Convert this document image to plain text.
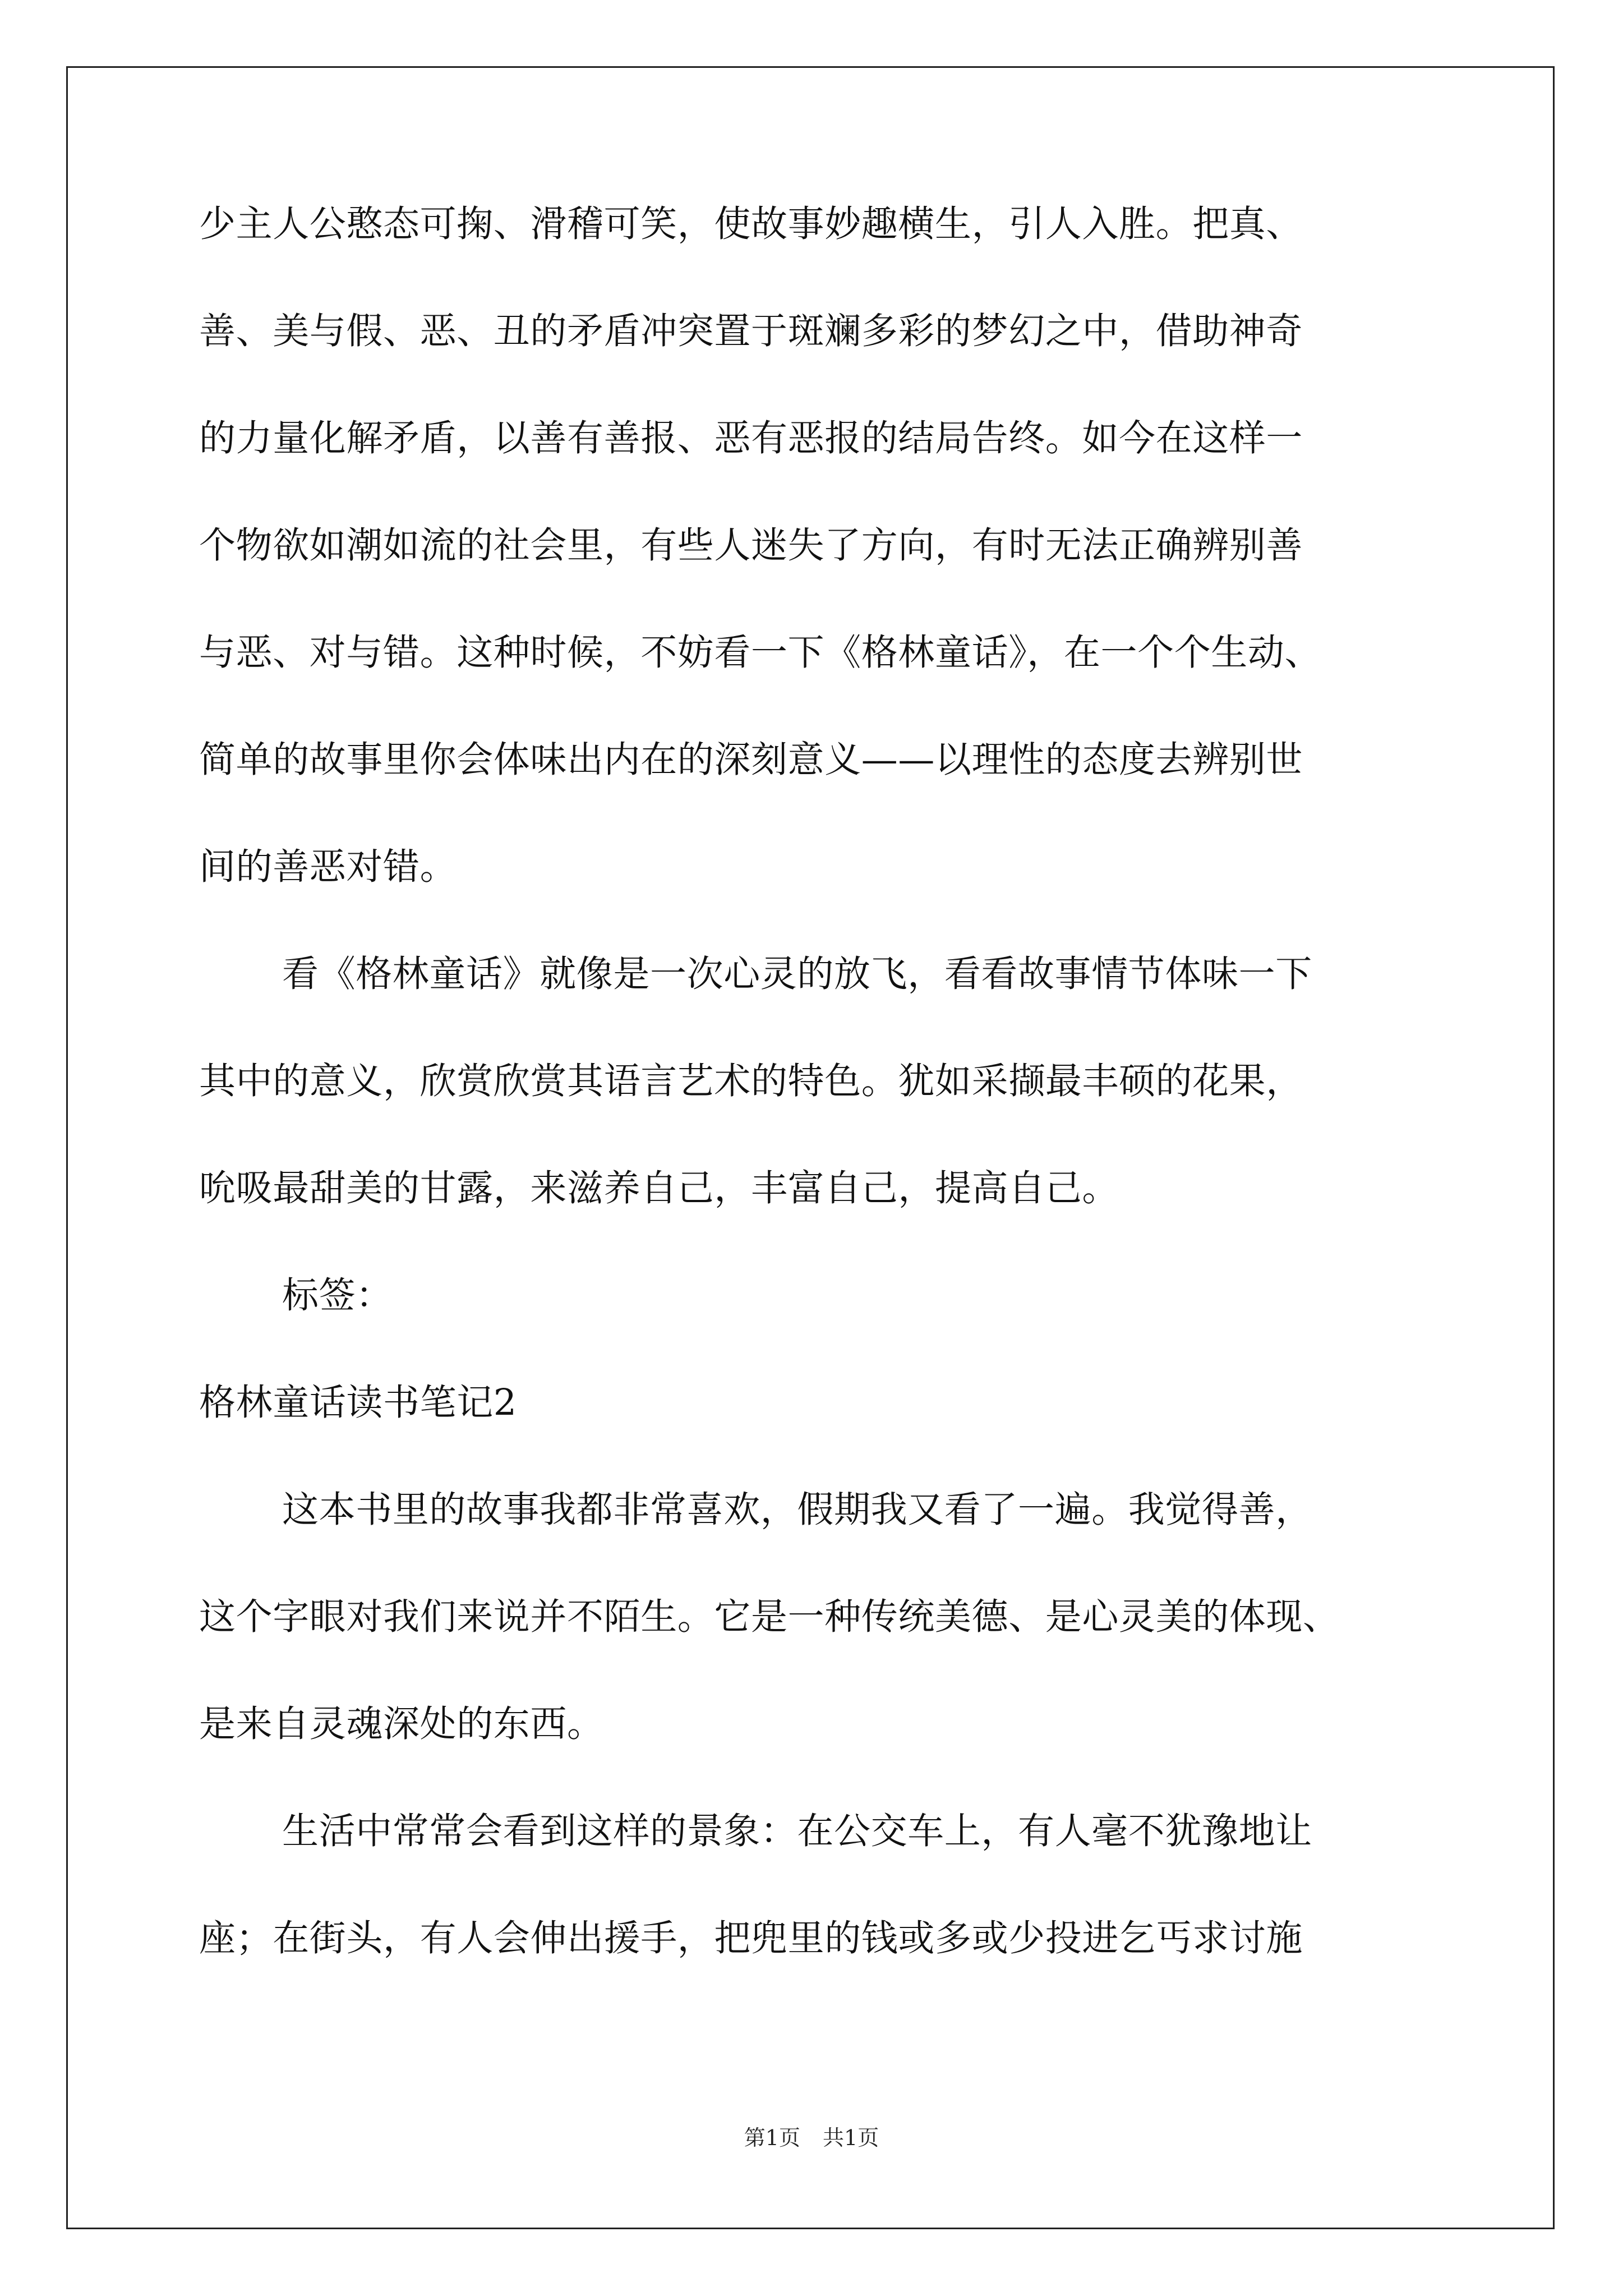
少主人公憨态可掬、滑稽可笑，使故事妙趣横生，引人入胜。把真、
善、美与假、恶、丑的矛盾冲突置于斑斓多彩的梦幻之中，借助神奇
的力量化解矛盾，以善有善报、恶有恶报的结局告终。如今在这样一
个物欲如潮如流的社会里，有些人迷失了方向，有时无法正确辨别善
与恶、对与错。这种时候，不妨看一下《格林童话》，在一个个生动、
简单的故事里你会体味出内在的深刻意义——以理性的态度去辨别世
间的善恶对错。
看《格林童话》就像是一次心灵的放飞，看看故事情节体味一下
其中的意义，欣赏欣赏其语言艺术的特色。犹如采撷最丰硕的花果，
吮吸最甜美的甘露，来滋养自己，丰富自己，提高自己。
标签：
格林童话读书笔记2
这本书里的故事我都非常喜欢，假期我又看了一遍。我觉得善，
这个字眼对我们来说并不陌生。它是一种传统美德、是心灵美的体现、
是来自灵魂深处的东西。
生活中常常会看到这样的景象：在公交车上，有人毫不犹豫地让
座；在街头，有人会伸出援手，把兜里的钱或多或少投进乞丐求讨施
第1页 共1页
